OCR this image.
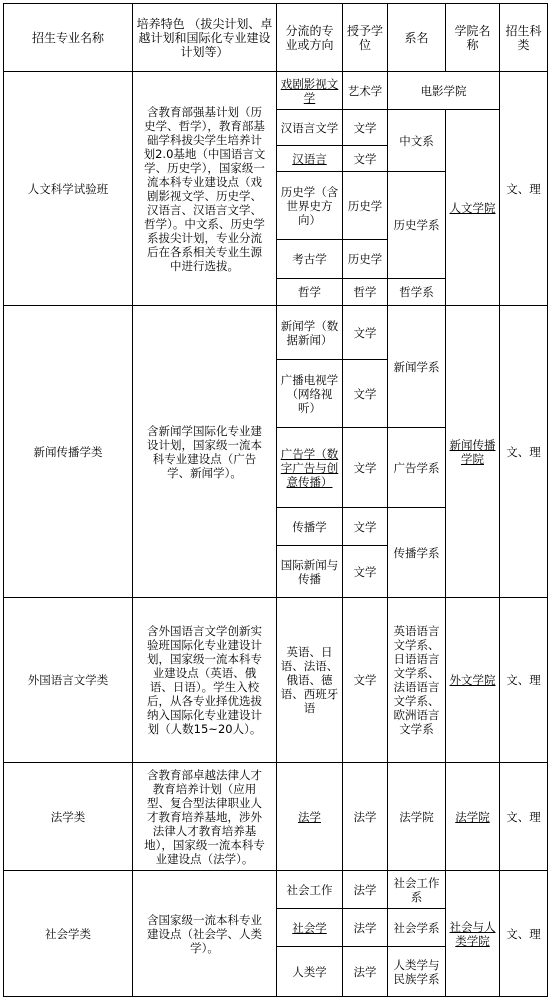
招生专业名称	培养特色 （拔尖计划、卓越计划和国际化专业建设计划等）	分流的专业或方向	授予学位	系名	学院名称	招生科类
人文科学试验班	含教育部强基计划（历史学、哲学），教育部基础学科拔尖学生培养计划2.0基地（中国语言文学、历史学），国家级一流本科专业建设点（戏剧影视文学、历史学、汉语言、汉语言文学、哲学）。中文系、历史学系拔尖计划，专业分流后在各系相关专业生源中进行选拔。	戏剧影视文学	艺术学	电影学院		文、理
		汉语言文学	文学	中文系	人文学院	
		汉语言	文学			
		历史学（含世界史方向）	历史学	历史学系		
		考古学	历史学			
		哲学	哲学	哲学系		
新闻传播学类	含新闻学国际化专业建设计划，国家级一流本科专业建设点（广告学、新闻学）。	新闻学（数据新闻）	文学	新闻学系	新闻传播学院	文、理
		广播电视学（网络视听）	文学			
		广告学（数字广告与创意传播）	文学	广告学系		
		传播学	文学	传播学系		
		国际新闻与传播	文学			
外国语言文学类	含外国语言文学创新实验班国际化专业建设计划，国家级一流本科专业建设点（英语、俄语、日语）。学生入校后，从各专业择优选拔纳入国际化专业建设计划（人数15~20人）。	英语、日语、法语、俄语、德语、西班牙语	文学	英语语言文学系、日语语言文学系、法语语言文学系、欧洲语言文学系	外文学院	文、理
法学类	含教育部卓越法律人才教育培养计划（应用型、复合型法律职业人才教育培养基地，涉外法律人才教育培养基地），国家级一流本科专业建设点（法学）。	法学	法学	法学院	法学院	文、理
社会学类	含国家级一流本科专业建设点（社会学、人类学）。	社会工作	法学	社会工作系	社会与人类学院	文、理
		社会学	法学	社会学系		
		人类学	法学	人类学与民族学系		
